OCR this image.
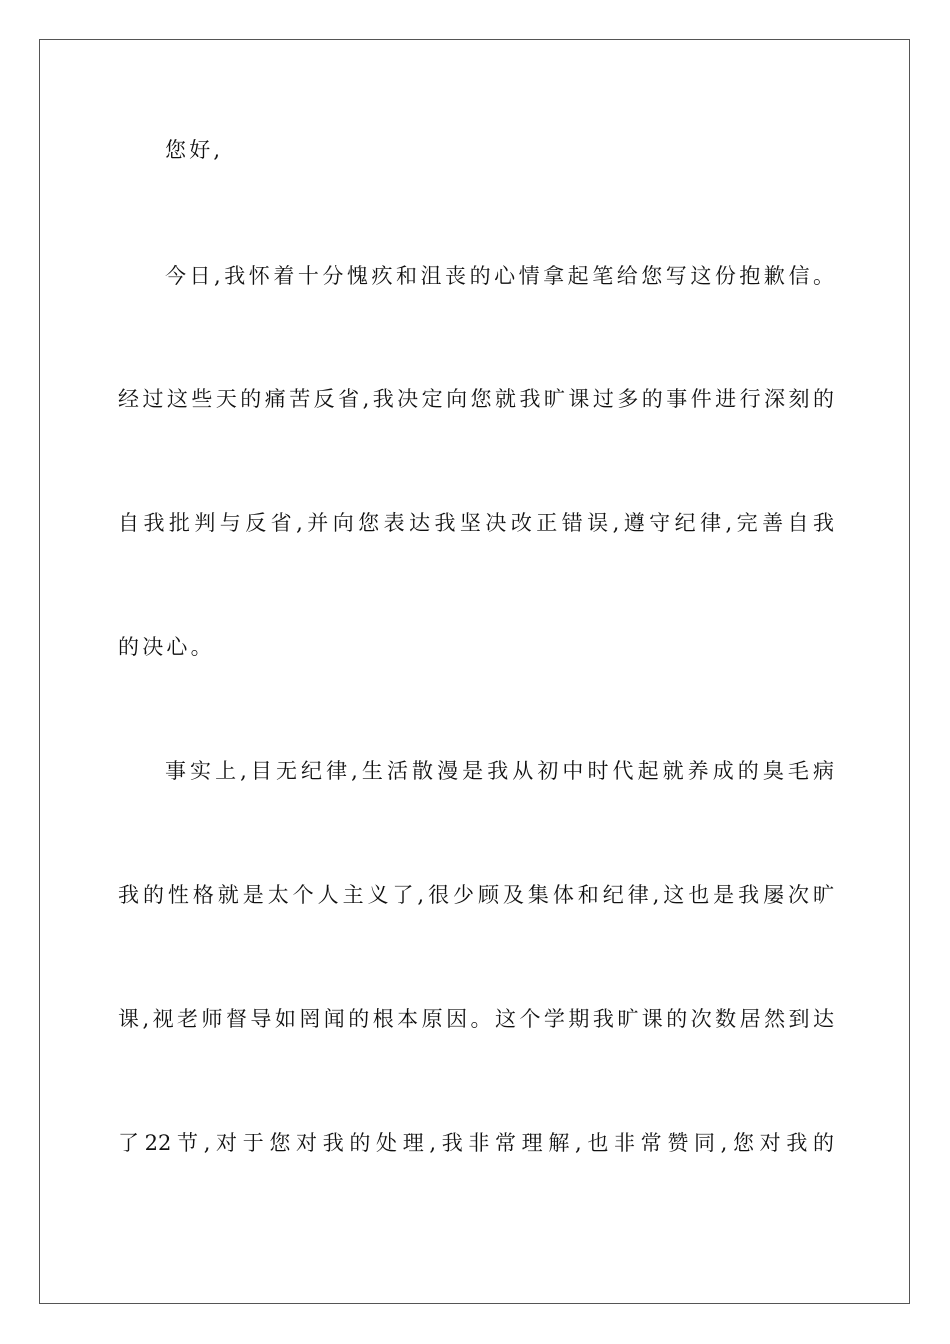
您好,
今日,我怀着十分愧疚和沮丧的心情拿起笔给您写这份抱歉信。
经过这些天的痛苦反省,我决定向您就我旷课过多的事件进行深刻的
自我批判与反省,并向您表达我坚决改正错误,遵守纪律,完善自我
的决心。
事实上,目无纪律,生活散漫是我从初中时代起就养成的臭毛病
我的性格就是太个人主义了,很少顾及集体和纪律,这也是我屡次旷
课,视老师督导如罔闻的根本原因。这个学期我旷课的次数居然到达
了22节,对于您对我的处理,我非常理解,也非常赞同,您对我的
